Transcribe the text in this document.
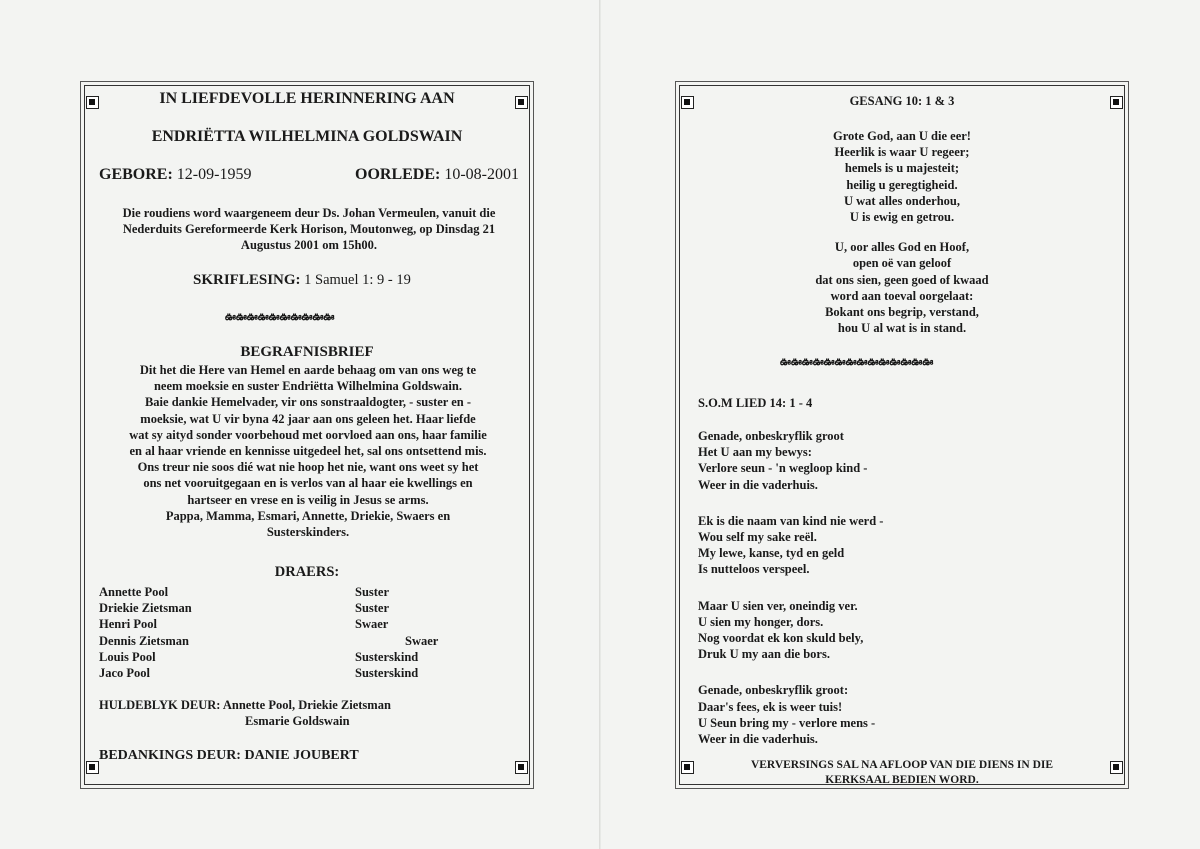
IN LIEFDEVOLLE HERINNERING AAN
ENDRIËTTA WILHELMINA GOLDSWAIN
GEBORE: 12-09-1959	OORLEDE: 10-08-2001
Die roudiens word waargeneem deur Ds. Johan Vermeulen, vanuit die Nederduits Gereformeerde Kerk Horison, Moutonweg, op Dinsdag 21 Augustus 2001 om 15h00.
SKRIFLESING: 1 Samuel 1: 9 - 19
ఊఊఊఊఊఊఊఊఊఊ
BEGRAFNISBRIEF
Dit het die Here van Hemel en aarde behaag om van ons weg te
neem moeksie en suster Endriëtta Wilhelmina Goldswain.
Baie dankie Hemelvader, vir ons sonstraaldogter, - suster en -
moeksie, wat U vir byna 42 jaar aan ons geleen het. Haar liefde
wat sy aityd sonder voorbehoud met oorvloed aan ons, haar familie
en al haar vriende en kennisse uitgedeel het, sal ons ontsettend mis.
Ons treur nie soos dié wat nie hoop het nie, want ons weet sy het
ons net vooruitgegaan en is verlos van al haar eie kwellings en
hartseer en vrese en is veilig in Jesus se arms.
Pappa, Mamma, Esmari, Annette, Driekie, Swaers en
Susterskinders.
DRAERS:
Annette Pool	Suster
Driekie Zietsman	Suster
Henri Pool	Swaer
Dennis Zietsman	Swaer
Louis Pool	Susterskind
Jaco Pool	Susterskind
HULDEBLYK DEUR: Annette Pool, Driekie Zietsman
Esmarie Goldswain
BEDANKINGS DEUR: DANIE JOUBERT
GESANG 10: 1 & 3
Grote God, aan U die eer!
Heerlik is waar U regeer;
hemels is u majesteit;
heilig u geregtigheid.
U wat alles onderhou,
U is ewig en getrou.
U, oor alles God en Hoof,
open oë van geloof
dat ons sien, geen goed of kwaad
word aan toeval oorgelaat:
Bokant ons begrip, verstand,
hou U al wat is in stand.
ఊఊఊఊఊఊఊఊఊఊఊఊఊఊ
S.O.M LIED 14: 1 - 4
Genade, onbeskryflik groot
Het U aan my bewys:
Verlore seun - 'n wegloop kind -
Weer in die vaderhuis.
Ek is die naam van kind nie werd -
Wou self my sake reël.
My lewe, kanse, tyd en geld
Is nutteloos verspeel.
Maar U sien ver, oneindig ver.
U sien my honger, dors.
Nog voordat ek kon skuld bely,
Druk U my aan die bors.
Genade, onbeskryflik groot:
Daar's fees, ek is weer tuis!
U Seun bring my - verlore mens -
Weer in die vaderhuis.
VERVERSINGS SAL NA AFLOOP VAN DIE DIENS IN DIE
KERKSAAL BEDIEN WORD.
